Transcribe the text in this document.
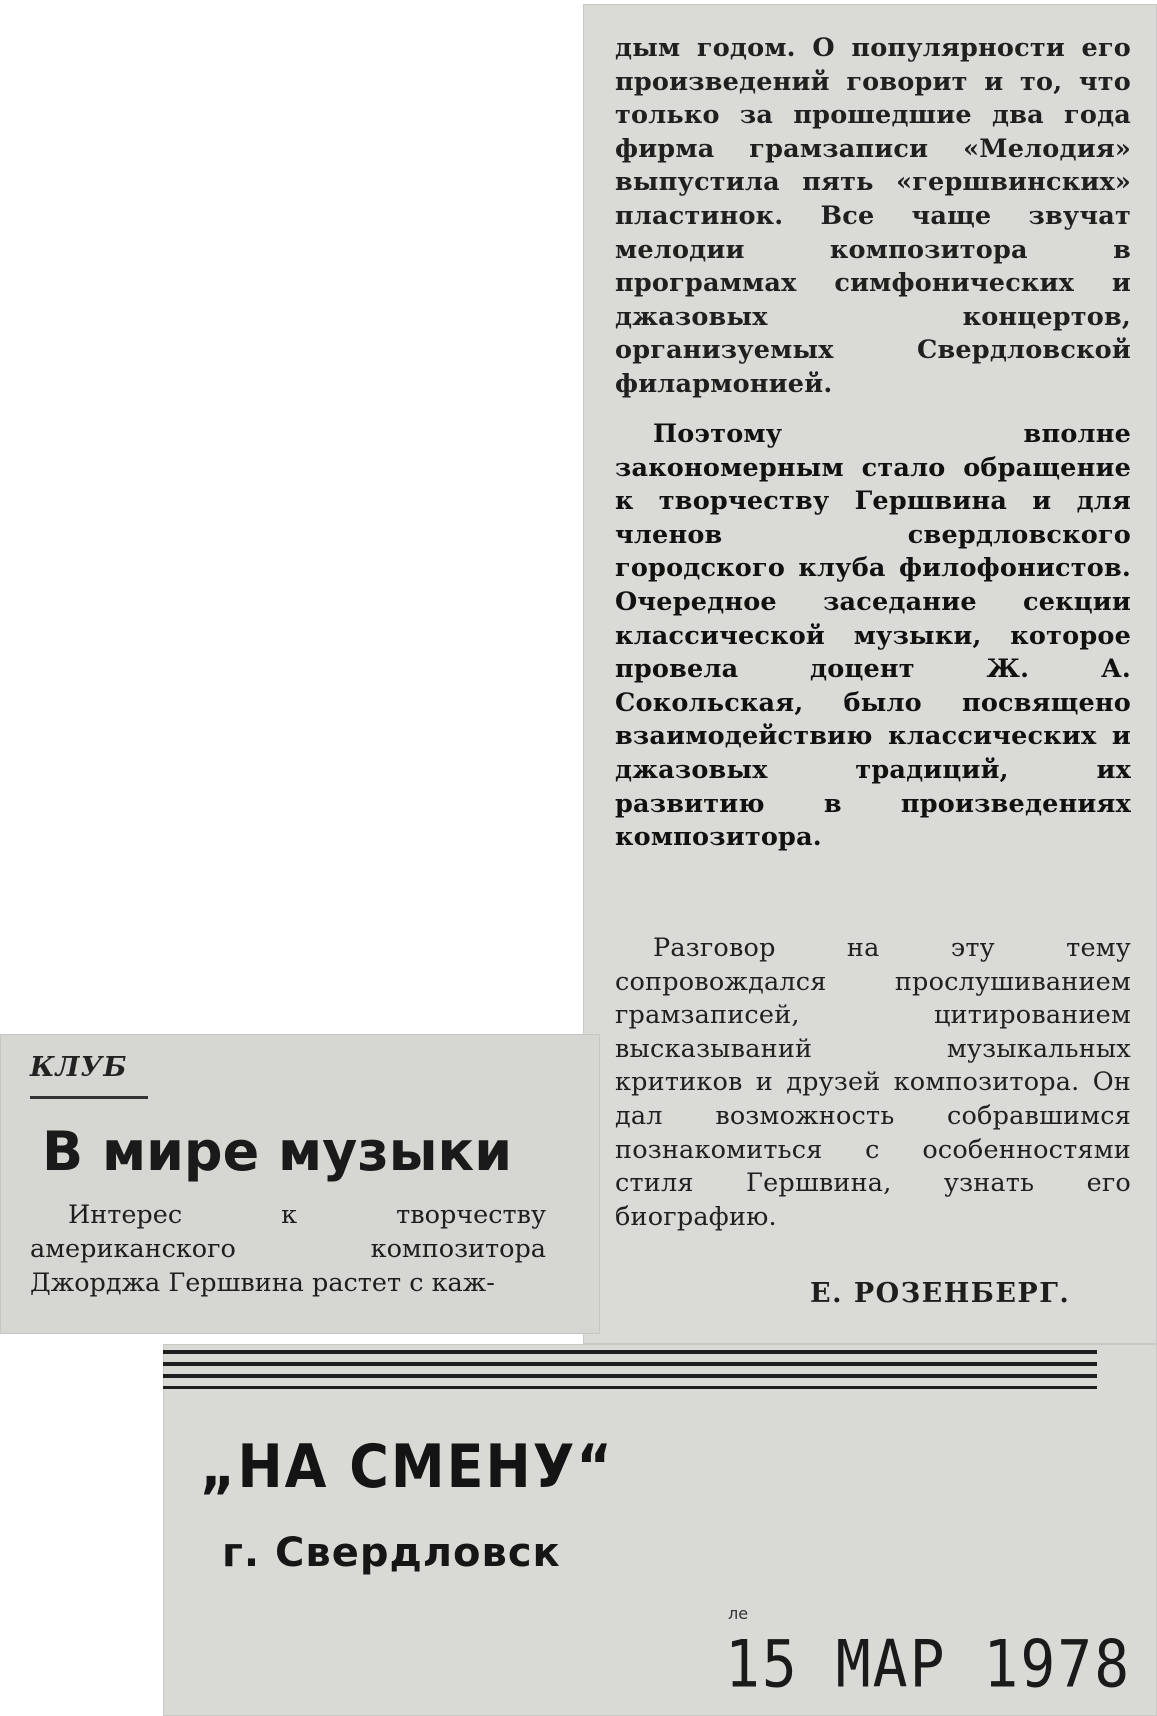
дым годом. О популярности его произведений говорит и то, что только за прошедшие два года фирма грамзаписи «Мелодия» выпустила пять «гершвинских» пластинок. Все чаще звучат мелодии композитора в программах симфонических и джазовых концертов, организуемых Свердловской филармонией.

Поэтому вполне закономерным стало обращение к творчеству Гершвина и для членов свердловского городского клуба филофонистов. Очередное заседание секции классической музыки, которое провела доцент Ж. А. Сокольская, было посвящено взаимодействию классических и джазовых традиций, их развитию в произведениях композитора.

Разговор на эту тему сопровождался прослушиванием грамзаписей, цитированием высказываний музыкальных критиков и друзей композитора. Он дал возможность собравшимся познакомиться с особенностями стиля Гершвина, узнать его биографию.

КЛУБ
В мире музыки

Интерес к творчеству американского композитора Джорджа Гершвина растет с каж-	Е. РОЗЕНБЕРГ.
„НА СМЕНУ“
г. Свердловск
ле
15 МАР 1978
